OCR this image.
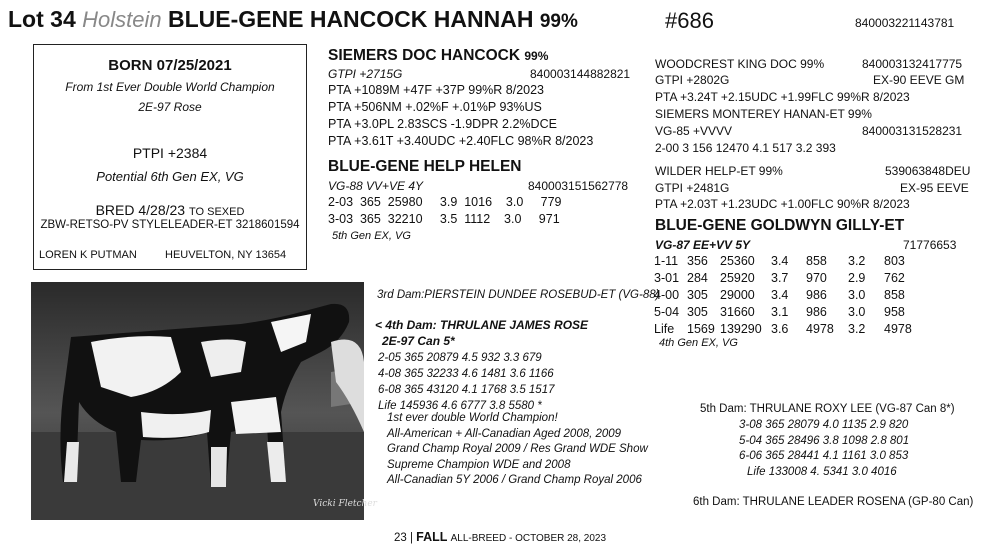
Lot 34 Holstein BLUE-GENE HANCOCK HANNAH 99%	#686	840003221143781
BORN 07/25/2021
From 1st Ever Double World Champion
2E-97 Rose
PTPI +2384
Potential 6th Gen EX, VG
BRED 4/28/23 TO SEXED
ZBW-RETSO-PV STYLELEADER-ET 3218601594
LOREN K PUTMAN	HEUVELTON, NY 13654
SIEMERS DOC HANCOCK 99%
GTPI +2715G	840003144882821
PTA +1089M +47F +37P 99%R 8/2023
PTA +506NM +.02%F +.01%P 93%US
PTA +3.0PL 2.83SCS -1.9DPR 2.2%DCE
PTA +3.61T +3.40UDC +2.40FLC 98%R 8/2023
BLUE-GENE HELP HELEN
VG-88 VV+VE 4Y	840003151562778
2-03  365  25980     3.9  1016    3.0     779
3-03  365  32210     3.5  1112    3.0     971
5th Gen EX, VG
WOODCREST KING DOC 99%	840003132417775
GTPI +2802G	EX-90 EEVE GM
PTA +3.24T +2.15UDC +1.99FLC 99%R 8/2023
SIEMERS MONTEREY HANAN-ET 99%
VG-85 +VVVV	840003131528231
2-00 3 156 12470 4.1 517 3.2 393
WILDER HELP-ET 99%	539063848DEU
GTPI +2481G	EX-95 EEVE
PTA +2.03T +1.23UDC +1.00FLC 90%R 8/2023
BLUE-GENE GOLDWYN GILLY-ET
VG-87 EE+VV 5Y	71776653
1-11 356 25360	3.4	858	3.2	803
3-01 284 25920	3.7	970	2.9	762
4-00 305 29000	3.4	986	3.0	858
5-04 305 31660	3.1	986	3.0	958
Life	1569 139290 3.6	4978	3.2	4978
4th Gen EX, VG
Vicki Fletcher
3rd Dam:PIERSTEIN DUNDEE ROSEBUD-ET (VG-88)
< 4th Dam: THRULANE JAMES ROSE
2E-97 Can 5*
2-05 365 20879 4.5 932 3.3 679
4-08 365 32233 4.6 1481 3.6 1166
6-08 365 43120 4.1 1768 3.5 1517
Life 145936 4.6 6777 3.8 5580 *
1st ever double World Champion!
All-American + All-Canadian Aged 2008, 2009
Grand Champ Royal 2009 / Res Grand WDE Show
Supreme Champion WDE and 2008
All-Canadian 5Y 2006 / Grand Champ Royal 2006
5th Dam: THRULANE ROXY LEE (VG-87 Can 8*)
3-08 365 28079 4.0 1135 2.9 820
5-04 365 28496 3.8 1098 2.8 801
6-06 365 28441 4.1 1161 3.0 853
Life 133008 4. 5341 3.0 4016
6th Dam: THRULANE LEADER ROSENA (GP-80 Can)
23 | FALL ALL-BREED - OCTOBER 28, 2023
